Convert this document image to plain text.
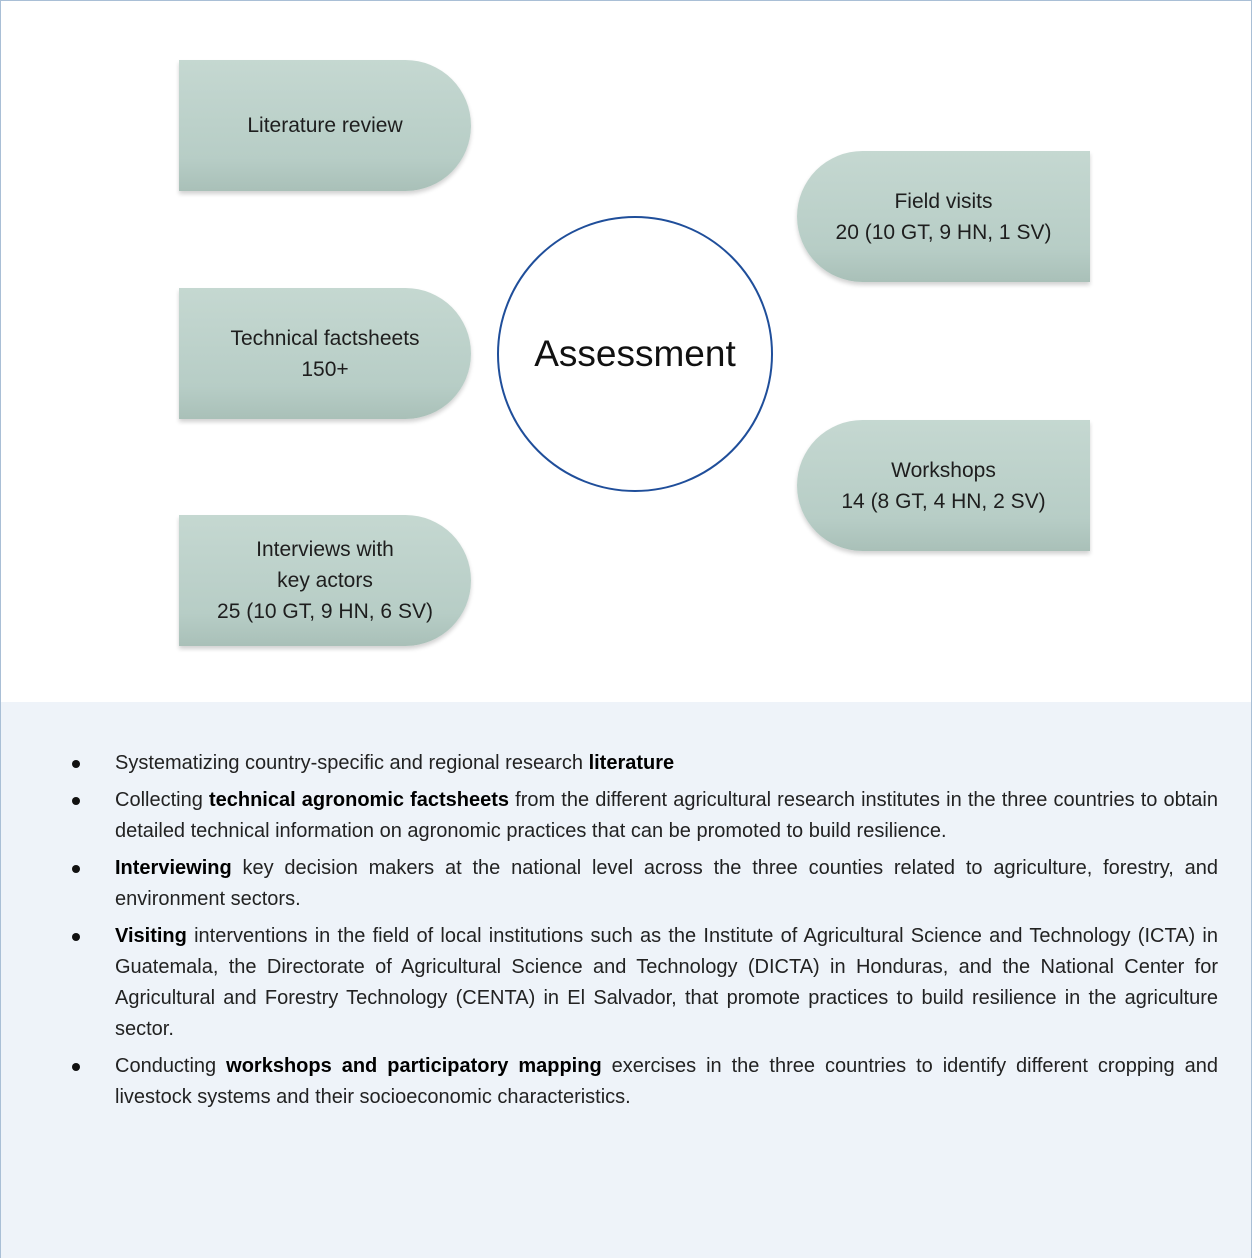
Literature review
Technical factsheets
150+
Interviews with
key actors
25 (10 GT, 9 HN, 6 SV)
Field visits
20 (10 GT, 9 HN, 1 SV)
Workshops
14 (8 GT, 4 HN, 2 SV)
Assessment
Systematizing country-specific and regional research literature
Collecting technical agronomic factsheets from the different agricultural research institutes in the three countries to obtain detailed technical information on agronomic practices that can be promoted to build resilience.
Interviewing key decision makers at the national level across the three counties related to agriculture, forestry, and environment sectors.
Visiting interventions in the field of local institutions such as the Institute of Agricultural Science and Technology (ICTA) in Guatemala, the Directorate of Agricultural Science and Technology (DICTA) in Honduras, and the National Center for Agricultural and Forestry Technology (CENTA) in El Salvador, that promote practices to build resilience in the agriculture sector.
Conducting workshops and participatory mapping exercises in the three countries to identify different cropping and livestock systems and their socioeconomic characteristics.
